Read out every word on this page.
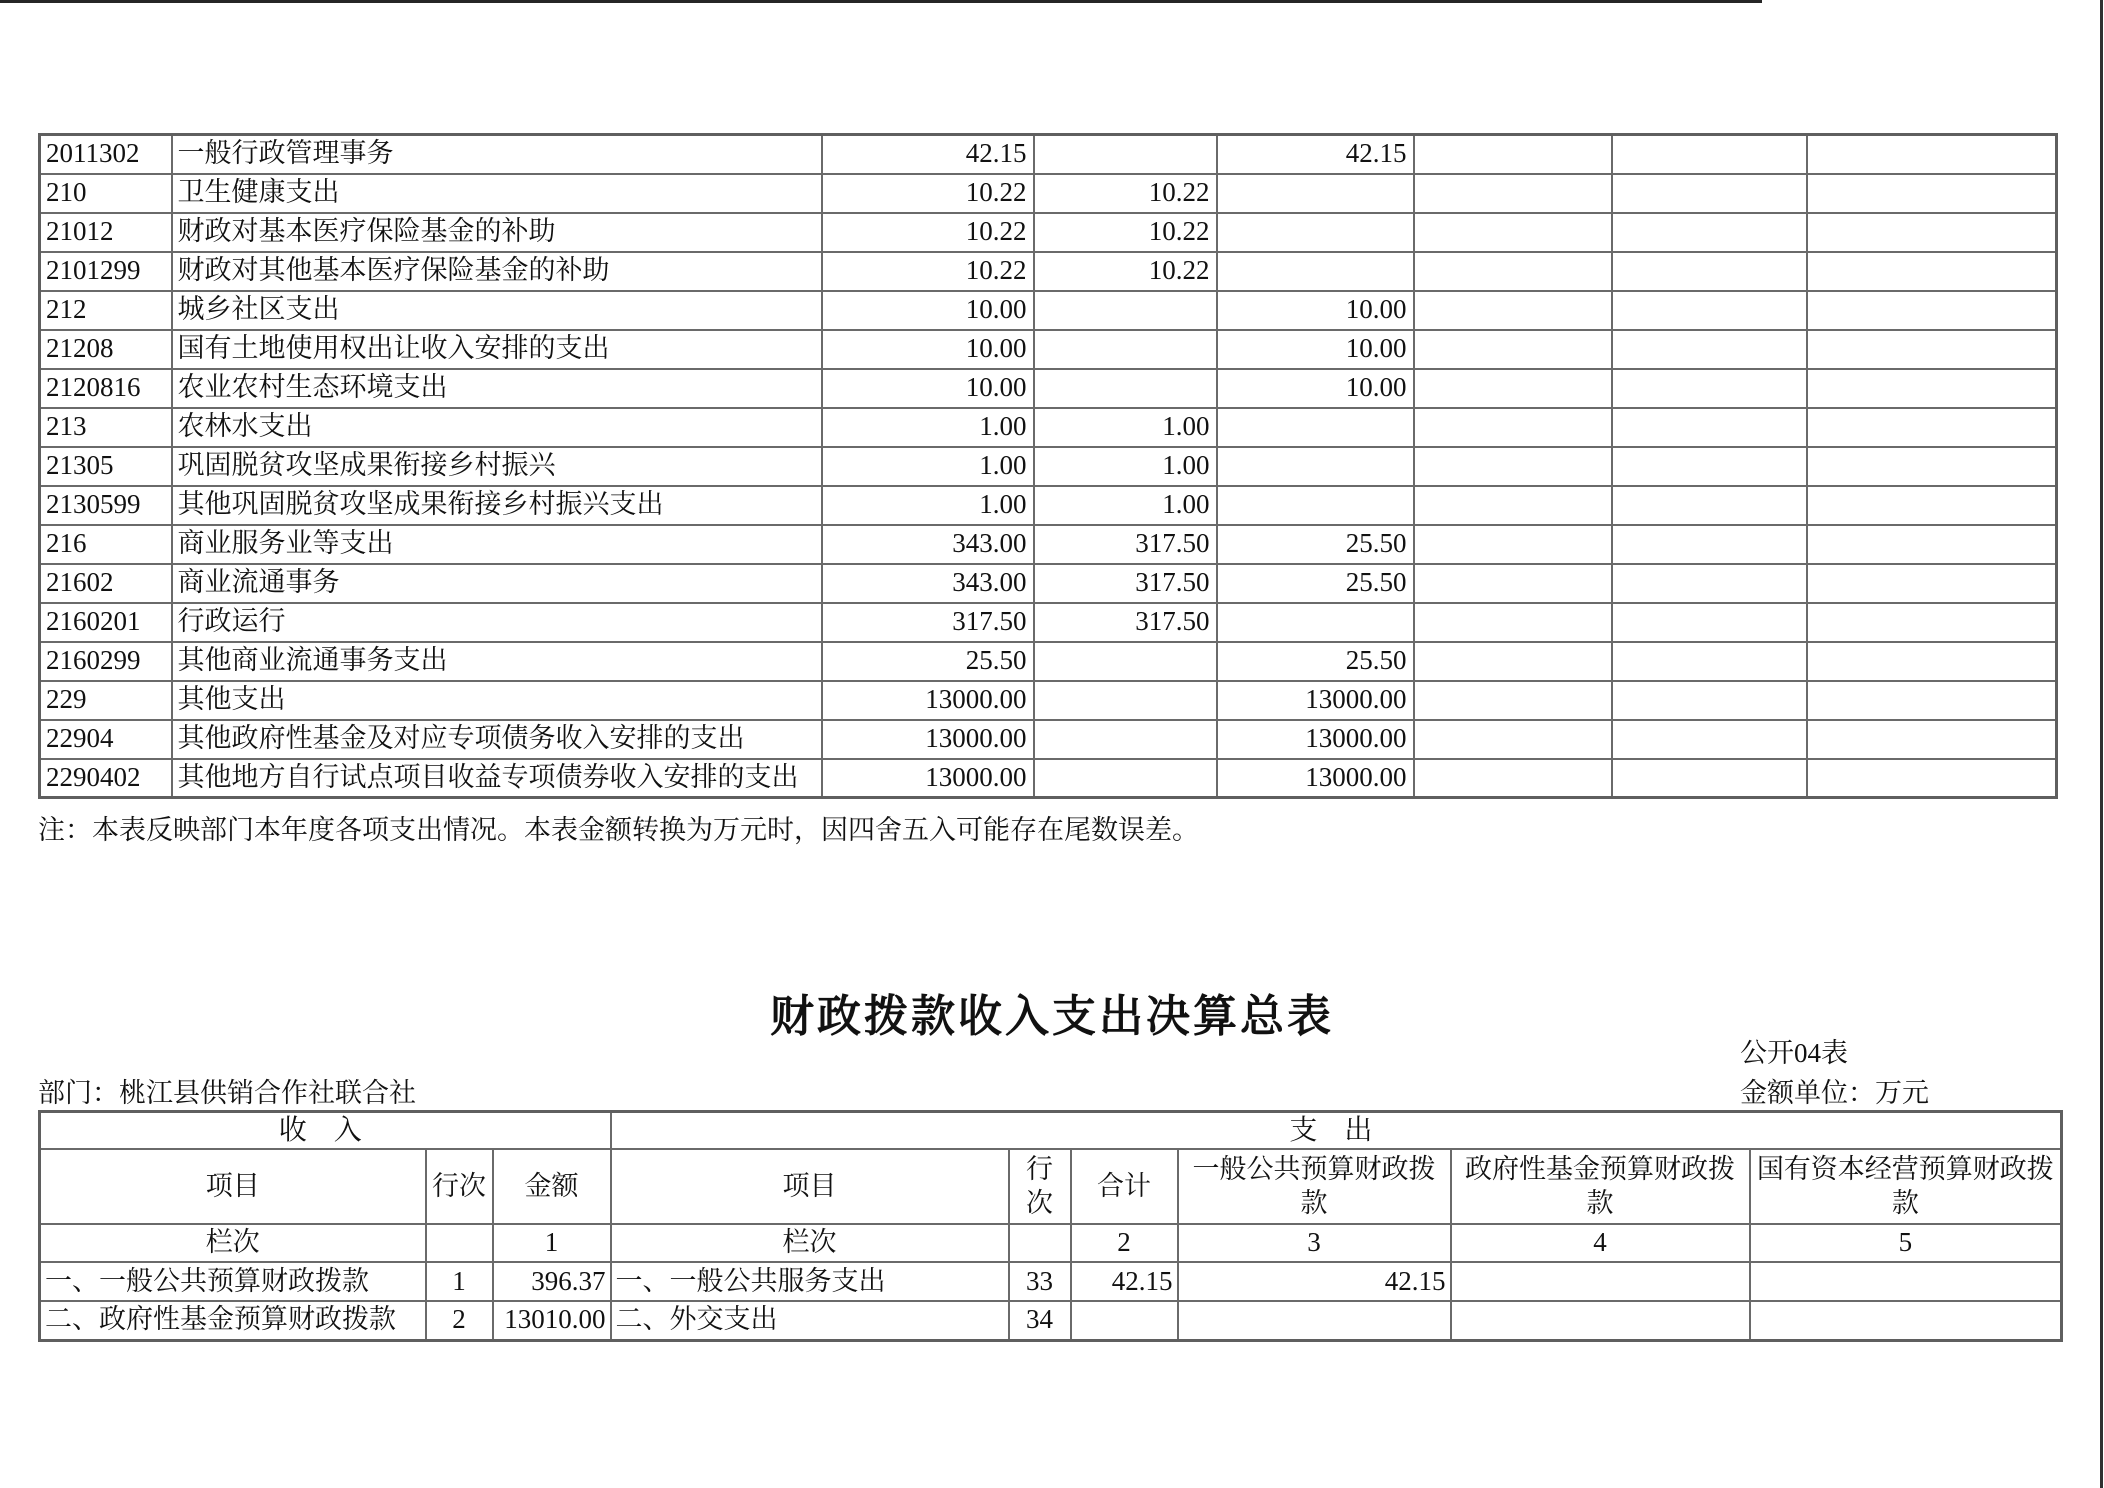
2011302	一般行政管理事务	42.15		42.15			
210	卫生健康支出	10.22	10.22				
21012	财政对基本医疗保险基金的补助	10.22	10.22				
2101299	财政对其他基本医疗保险基金的补助	10.22	10.22				
212	城乡社区支出	10.00		10.00			
21208	国有土地使用权出让收入安排的支出	10.00		10.00			
2120816	农业农村生态环境支出	10.00		10.00			
213	农林水支出	1.00	1.00				
21305	巩固脱贫攻坚成果衔接乡村振兴	1.00	1.00				
2130599	其他巩固脱贫攻坚成果衔接乡村振兴支出	1.00	1.00				
216	商业服务业等支出	343.00	317.50	25.50			
21602	商业流通事务	343.00	317.50	25.50			
2160201	行政运行	317.50	317.50				
2160299	其他商业流通事务支出	25.50		25.50			
229	其他支出	13000.00		13000.00			
22904	其他政府性基金及对应专项债务收入安排的支出	13000.00		13000.00			
2290402	其他地方自行试点项目收益专项债券收入安排的支出	13000.00		13000.00			
注：本表反映部门本年度各项支出情况。本表金额转换为万元时，因四舍五入可能存在尾数误差。
财政拨款收入支出决算总表
公开04表
部门：桃江县供销合作社联合社	金额单位：万元
收 入			支 出					
项目	行次	金额	项目	行次	合计	一般公共预算财政拨款	政府性基金预算财政拨款	国有资本经营预算财政拨款
栏次		1	栏次		2	3	4	5
一、一般公共预算财政拨款	1	396.37	一、一般公共服务支出	33	42.15	42.15		
二、政府性基金预算财政拨款	2	13010.00	二、外交支出	34				
